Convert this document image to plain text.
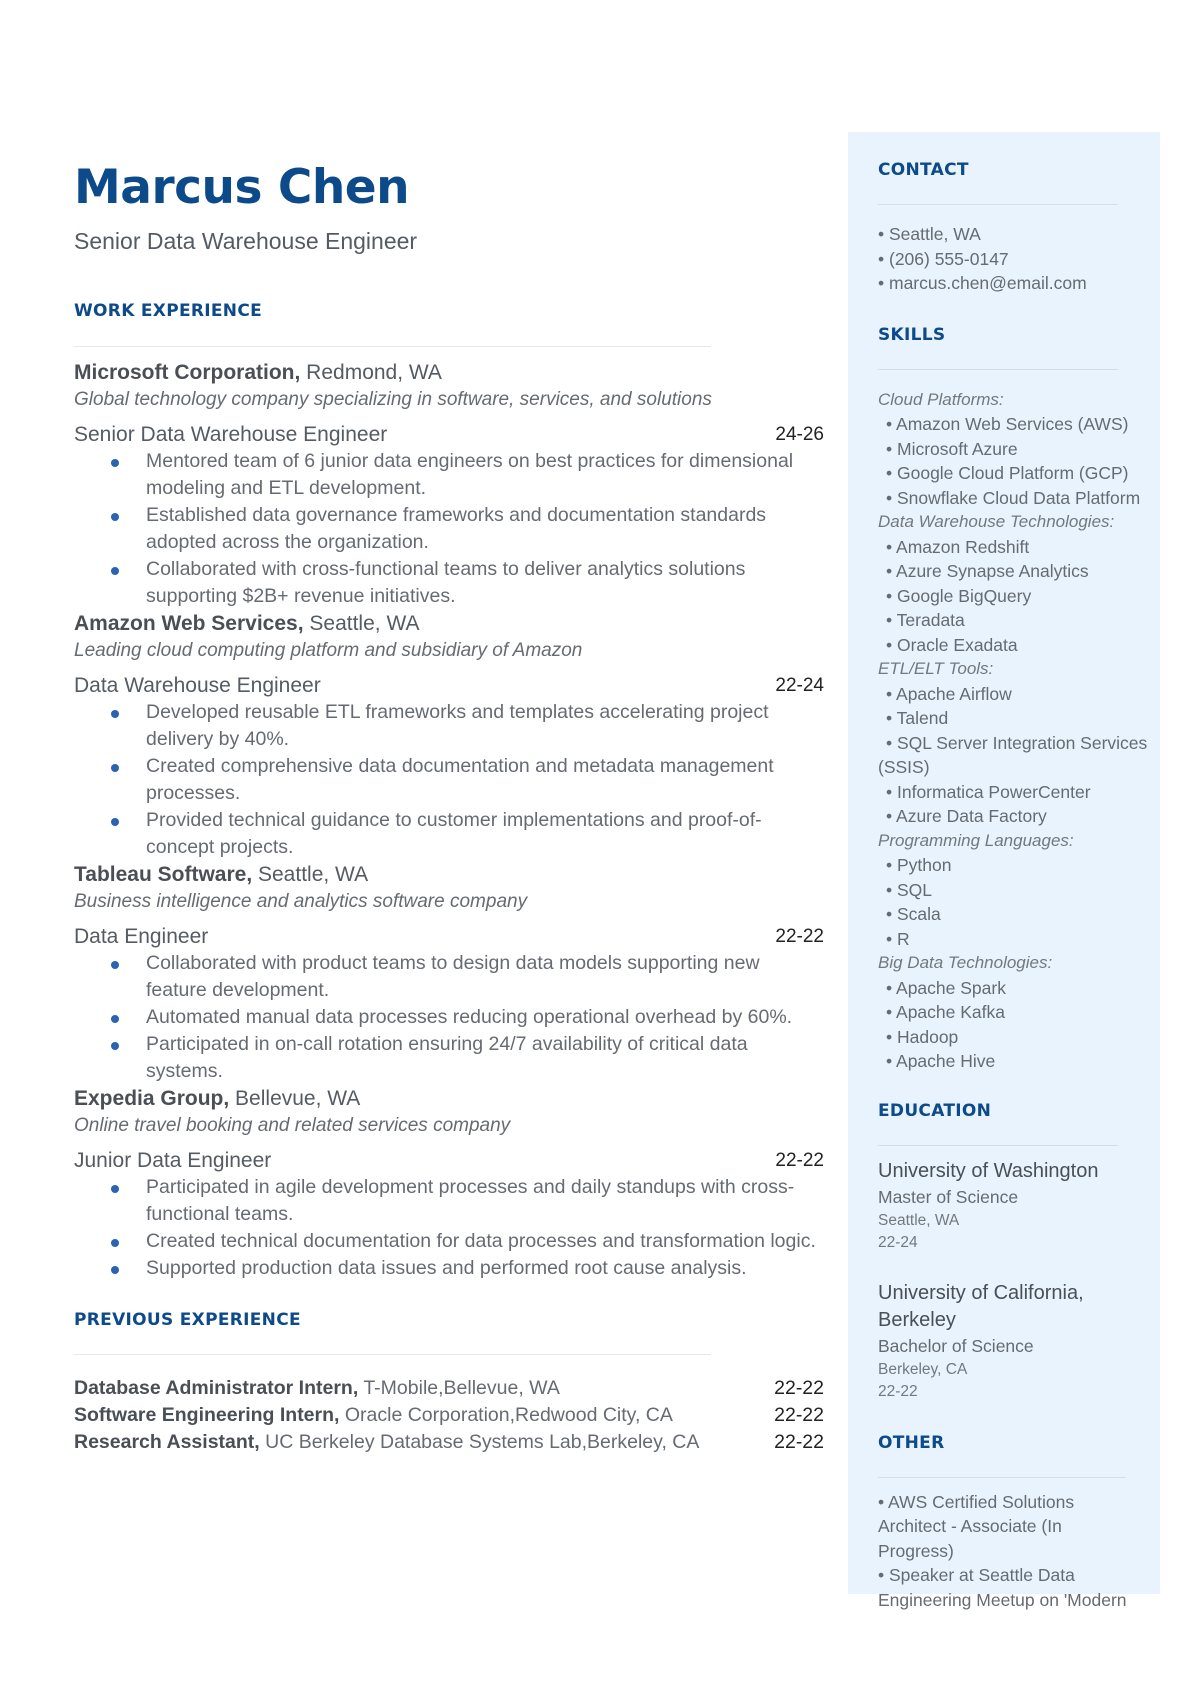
Marcus Chen
Senior Data Warehouse Engineer
WORK EXPERIENCE
Microsoft Corporation, Redmond, WA
Global technology company specializing in software, services, and solutions
Senior Data Warehouse Engineer	24-26
Mentored team of 6 junior data engineers on best practices for dimensional modeling and ETL development.
Established data governance frameworks and documentation standards adopted across the organization.
Collaborated with cross-functional teams to deliver analytics solutions supporting $2B+ revenue initiatives.
Amazon Web Services, Seattle, WA
Leading cloud computing platform and subsidiary of Amazon
Data Warehouse Engineer	22-24
Developed reusable ETL frameworks and templates accelerating project delivery by 40%.
Created comprehensive data documentation and metadata management processes.
Provided technical guidance to customer implementations and proof-of-concept projects.
Tableau Software, Seattle, WA
Business intelligence and analytics software company
Data Engineer	22-22
Collaborated with product teams to design data models supporting new feature development.
Automated manual data processes reducing operational overhead by 60%.
Participated in on-call rotation ensuring 24/7 availability of critical data systems.
Expedia Group, Bellevue, WA
Online travel booking and related services company
Junior Data Engineer	22-22
Participated in agile development processes and daily standups with cross-functional teams.
Created technical documentation for data processes and transformation logic.
Supported production data issues and performed root cause analysis.
PREVIOUS EXPERIENCE
Database Administrator Intern, T-Mobile,Bellevue, WA	22-22
Software Engineering Intern, Oracle Corporation,Redwood City, CA	22-22
Research Assistant, UC Berkeley Database Systems Lab,Berkeley, CA	22-22
CONTACT
• Seattle, WA
• (206) 555-0147
• marcus.chen@email.com
SKILLS
Cloud Platforms:
• Amazon Web Services (AWS)
• Microsoft Azure
• Google Cloud Platform (GCP)
• Snowflake Cloud Data Platform
Data Warehouse Technologies:
• Amazon Redshift
• Azure Synapse Analytics
• Google BigQuery
• Teradata
• Oracle Exadata
ETL/ELT Tools:
• Apache Airflow
• Talend
• SQL Server Integration Services (SSIS)
• Informatica PowerCenter
• Azure Data Factory
Programming Languages:
• Python
• SQL
• Scala
• R
Big Data Technologies:
• Apache Spark
• Apache Kafka
• Hadoop
• Apache Hive
EDUCATION
University of Washington
Master of Science
Seattle, WA
22-24
University of California, Berkeley
Bachelor of Science
Berkeley, CA
22-22
OTHER
• AWS Certified Solutions Architect - Associate (In Progress)
• Speaker at Seattle Data Engineering Meetup on 'Modern
